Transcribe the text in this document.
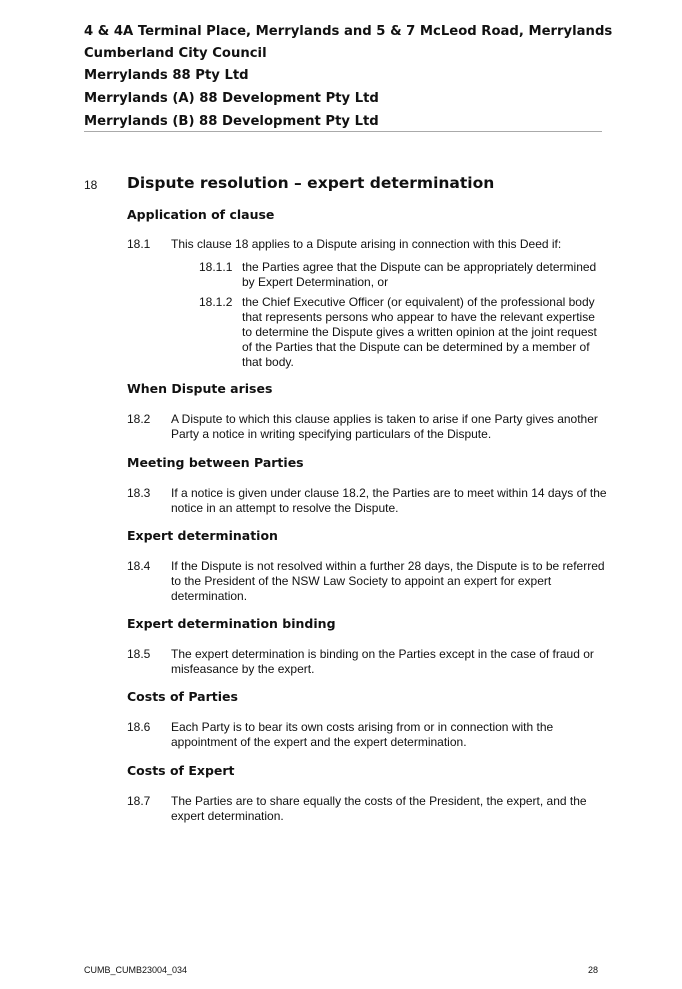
4 & 4A Terminal Place, Merrylands and 5 & 7 McLeod Road, Merrylands
Cumberland City Council
Merrylands 88 Pty Ltd
Merrylands (A) 88 Development Pty Ltd
Merrylands (B) 88 Development Pty Ltd
18 Dispute resolution – expert determination
Application of clause
18.1 This clause 18 applies to a Dispute arising in connection with this Deed if:
18.1.1 the Parties agree that the Dispute can be appropriately determined by Expert Determination, or
18.1.2 the Chief Executive Officer (or equivalent) of the professional body that represents persons who appear to have the relevant expertise to determine the Dispute gives a written opinion at the joint request of the Parties that the Dispute can be determined by a member of that body.
When Dispute arises
18.2 A Dispute to which this clause applies is taken to arise if one Party gives another Party a notice in writing specifying particulars of the Dispute.
Meeting between Parties
18.3 If a notice is given under clause 18.2, the Parties are to meet within 14 days of the notice in an attempt to resolve the Dispute.
Expert determination
18.4 If the Dispute is not resolved within a further 28 days, the Dispute is to be referred to the President of the NSW Law Society to appoint an expert for expert determination.
Expert determination binding
18.5 The expert determination is binding on the Parties except in the case of fraud or misfeasance by the expert.
Costs of Parties
18.6 Each Party is to bear its own costs arising from or in connection with the appointment of the expert and the expert determination.
Costs of Expert
18.7 The Parties are to share equally the costs of the President, the expert, and the expert determination.
CUMB_CUMB23004_034	28
